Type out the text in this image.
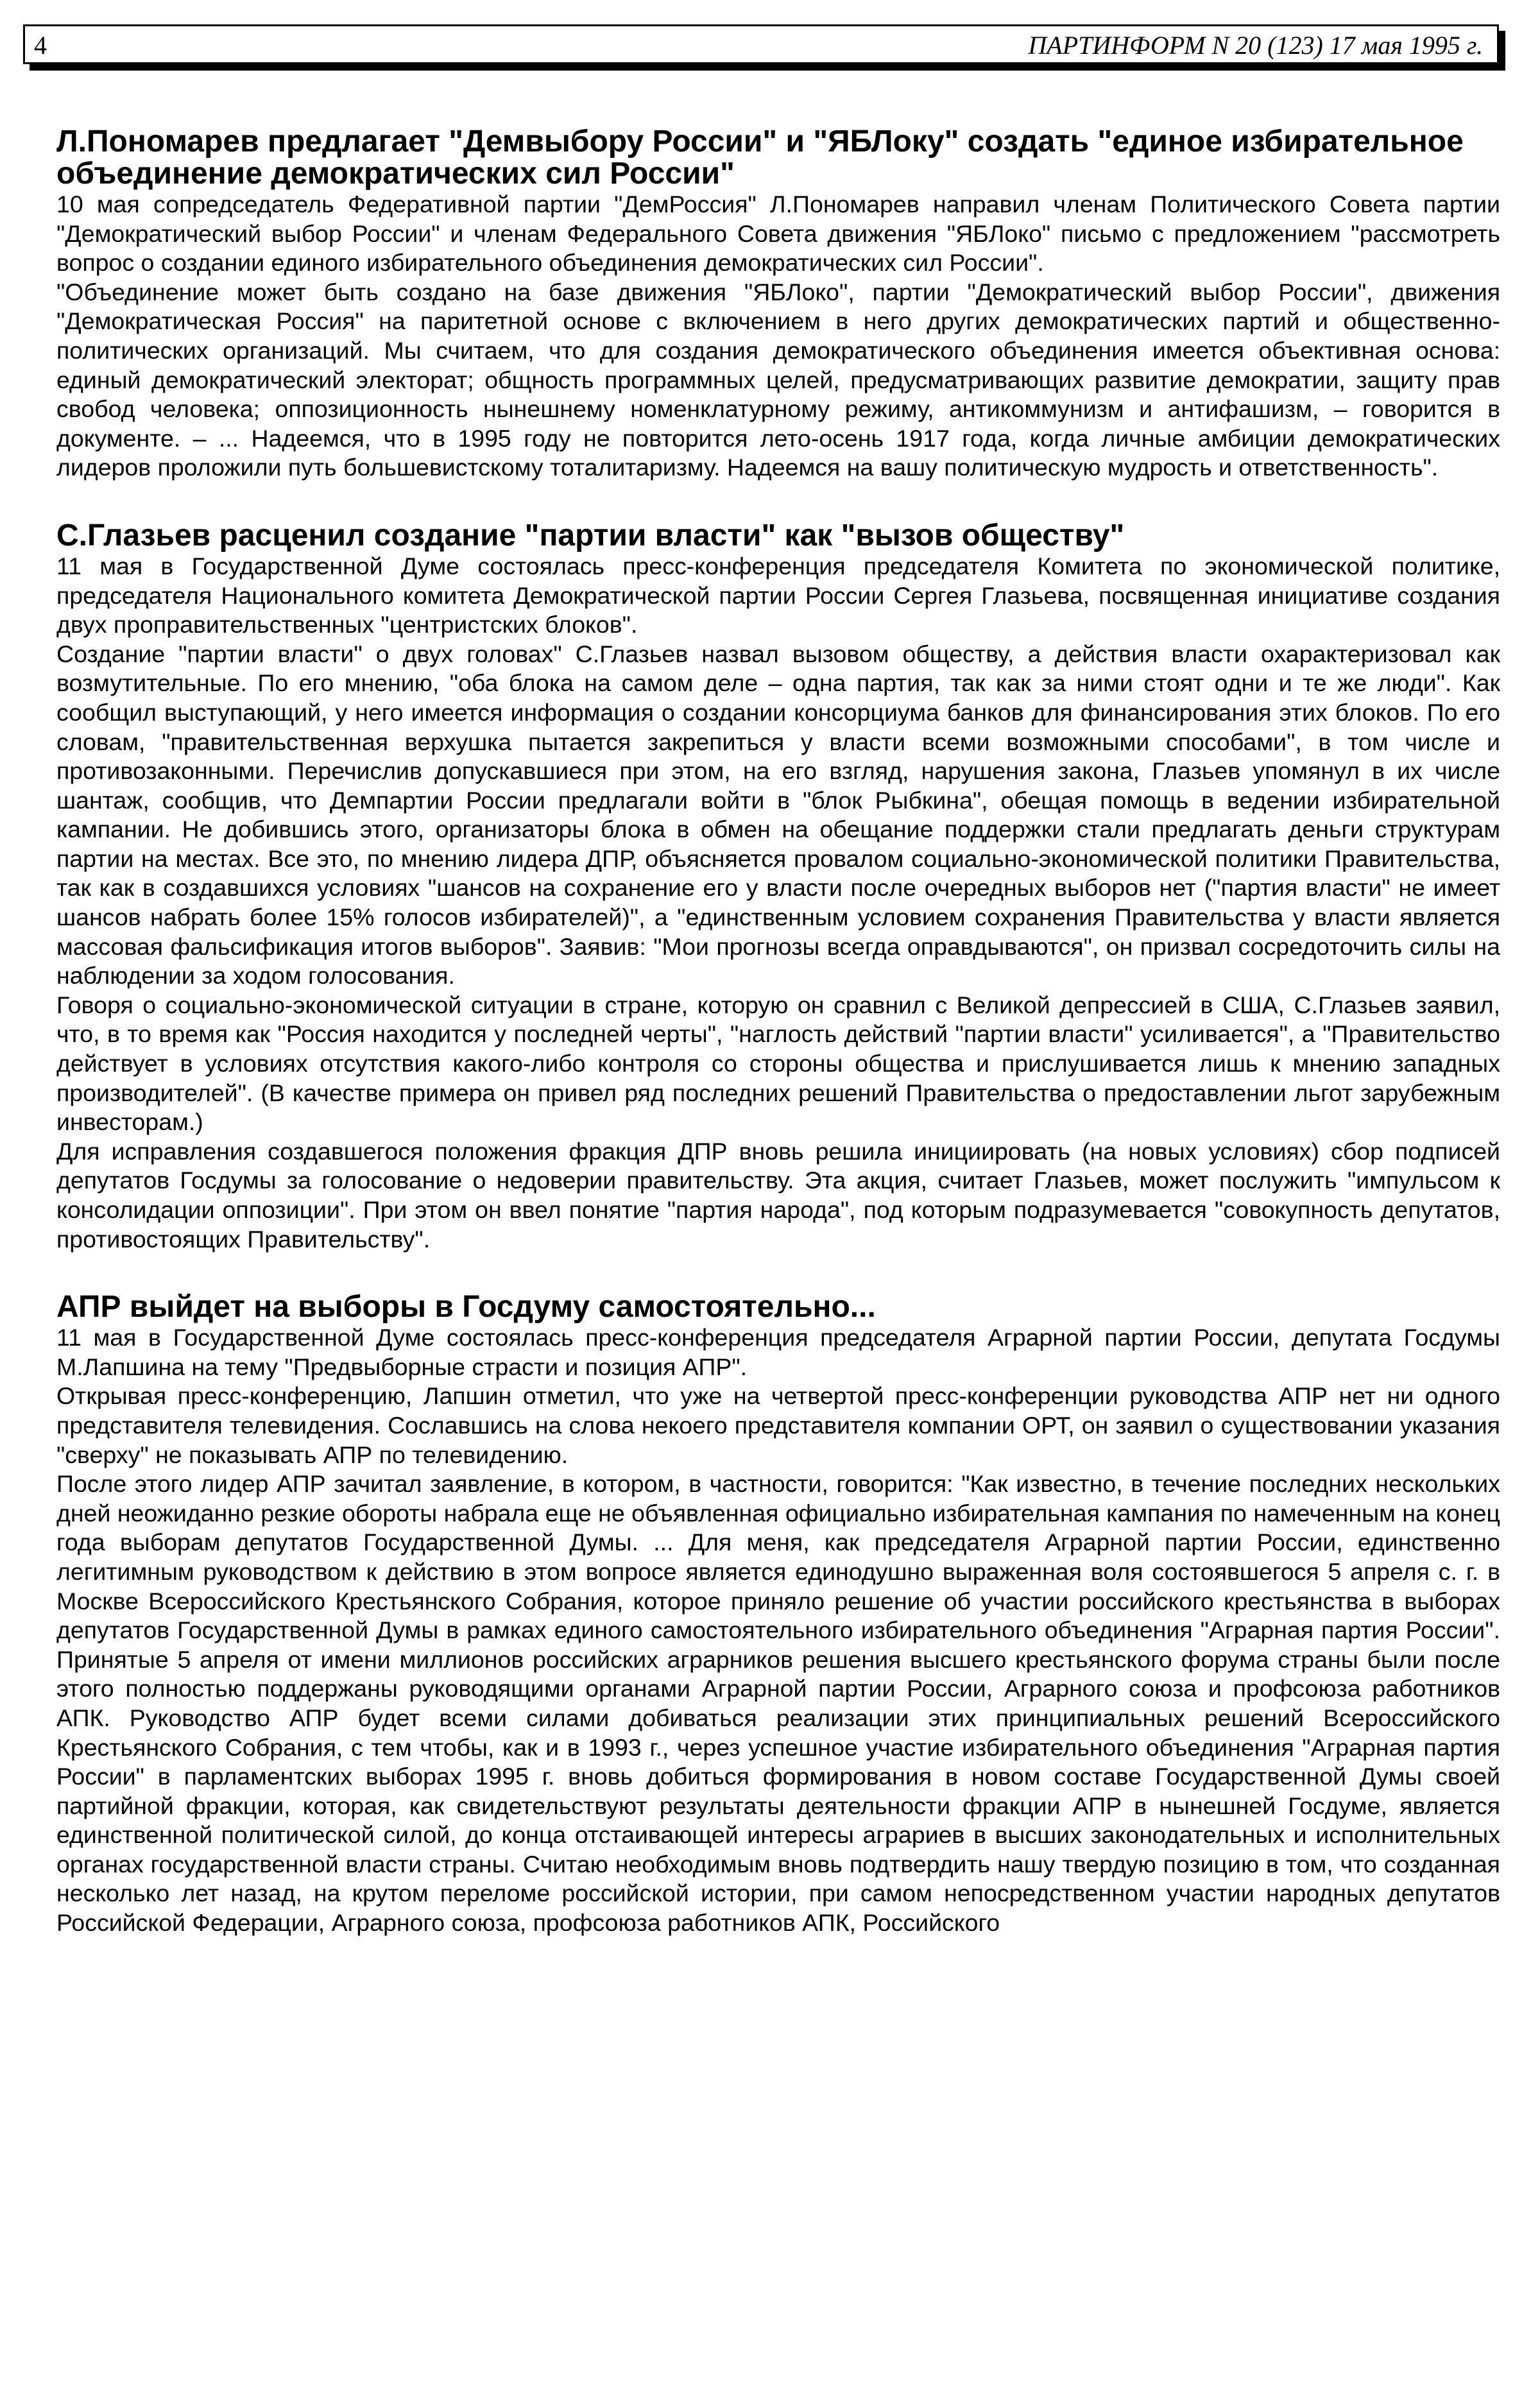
4	ПАРТИНФОРМ N 20 (123) 17 мая 1995 г.
Л.Пономарев предлагает "Демвыбору России" и "ЯБЛоку" создать "единое избирательное объединение демократических сил России"

10 мая сопредседатель Федеративной партии "ДемРоссия" Л.Пономарев направил членам Политического Совета партии "Демократический выбор России" и членам Федерального Совета движения "ЯБЛоко" письмо с предложением "рассмотреть вопрос о создании единого избирательного объединения демократических сил России".

"Объединение может быть создано на базе движения "ЯБЛоко", партии "Демократический выбор России", движения "Демократическая Россия" на паритетной основе с включением в него других демократических партий и общественно-политических организаций. Мы считаем, что для создания демократического объединения имеется объективная основа: единый демократический электорат; общность программных целей, предусматривающих развитие демократии, защиту прав свобод человека; оппозиционность нынешнему номенклатурному режиму, антикоммунизм и антифашизм, – говорится в документе. – ... Надеемся, что в 1995 году не повторится лето-осень 1917 года, когда личные амбиции демократических лидеров проложили путь большевистскому тоталитаризму. Надеемся на вашу политическую мудрость и ответственность".

С.Глазьев расценил создание "партии власти" как "вызов обществу"

11 мая в Государственной Думе состоялась пресс-конференция председателя Комитета по экономической политике, председателя Национального комитета Демократической партии России Сергея Глазьева, посвященная инициативе создания двух проправительственных "центристских блоков".

Создание "партии власти" о двух головах" С.Глазьев назвал вызовом обществу, а действия власти охарактеризовал как возмутительные. По его мнению, "оба блока на самом деле – одна партия, так как за ними стоят одни и те же люди". Как сообщил выступающий, у него имеется информация о создании консорциума банков для финансирования этих блоков. По его словам, "правительственная верхушка пытается закрепиться у власти всеми возможными способами", в том числе и противозаконными. Перечислив допускавшиеся при этом, на его взгляд, нарушения закона, Глазьев упомянул в их числе шантаж, сообщив, что Демпартии России предлагали войти в "блок Рыбкина", обещая помощь в ведении избирательной кампании. Не добившись этого, организаторы блока в обмен на обещание поддержки стали предлагать деньги структурам партии на местах. Все это, по мнению лидера ДПР, объясняется провалом социально-экономической политики Правительства, так как в создавшихся условиях "шансов на сохранение его у власти после очередных выборов нет ("партия власти" не имеет шансов набрать более 15% голосов избирателей)", а "единственным условием сохранения Правительства у власти является массовая фальсификация итогов выборов". Заявив: "Мои прогнозы всегда оправдываются", он призвал сосредоточить силы на наблюдении за ходом голосования.

Говоря о социально-экономической ситуации в стране, которую он сравнил с Великой депрессией в США, С.Глазьев заявил, что, в то время как "Россия находится у последней черты", "наглость действий "партии власти" усиливается", а "Правительство действует в условиях отсутствия какого-либо контроля со стороны общества и прислушивается лишь к мнению западных производителей". (В качестве примера он привел ряд последних решений Правительства о предоставлении льгот зарубежным инвесторам.)

Для исправления создавшегося положения фракция ДПР вновь решила инициировать (на новых условиях) сбор подписей депутатов Госдумы за голосование о недоверии правительству. Эта акция, считает Глазьев, может послужить "импульсом к консолидации оппозиции". При этом он ввел понятие "партия народа", под которым подразумевается "совокупность депутатов, противостоящих Правительству".

АПР выйдет на выборы в Госдуму самостоятельно...

11 мая в Государственной Думе состоялась пресс-конференция председателя Аграрной партии России, депутата Госдумы М.Лапшина на тему "Предвыборные страсти и позиция АПР".

Открывая пресс-конференцию, Лапшин отметил, что уже на четвертой пресс-конференции руководства АПР нет ни одного представителя телевидения. Сославшись на слова некоего представителя компании ОРТ, он заявил о существовании указания "сверху" не показывать АПР по телевидению.

После этого лидер АПР зачитал заявление, в котором, в частности, говорится: "Как известно, в течение последних нескольких дней неожиданно резкие обороты набрала еще не объявленная официально избирательная кампания по намеченным на конец года выборам депутатов Государственной Думы. ... Для меня, как председателя Аграрной партии России, единственно легитимным руководством к действию в этом вопросе является единодушно выраженная воля состоявшегося 5 апреля с. г. в Москве Всероссийского Крестьянского Собрания, которое приняло решение об участии российского крестьянства в выборах депутатов Государственной Думы в рамках единого самостоятельного избирательного объединения "Аграрная партия России". Принятые 5 апреля от имени миллионов российских аграрников решения высшего крестьянского форума страны были после этого полностью поддержаны руководящими органами Аграрной партии России, Аграрного союза и профсоюза работников АПК. Руководство АПР будет всеми силами добиваться реализации этих принципиальных решений Всероссийского Крестьянского Собрания, с тем чтобы, как и в 1993 г., через успешное участие избирательного объединения "Аграрная партия России" в парламентских выборах 1995 г. вновь добиться формирования в новом составе Государственной Думы своей партийной фракции, которая, как свидетельствуют результаты деятельности фракции АПР в нынешней Госдуме, является единственной политической силой, до конца отстаивающей интересы аграриев в высших законодательных и исполнительных органах государственной власти страны. Считаю необходимым вновь подтвердить нашу твердую позицию в том, что созданная несколько лет назад, на крутом переломе российской истории, при самом непосредственном участии народных депутатов Российской Федерации, Аграрного союза, профсоюза работников АПК, Российского
